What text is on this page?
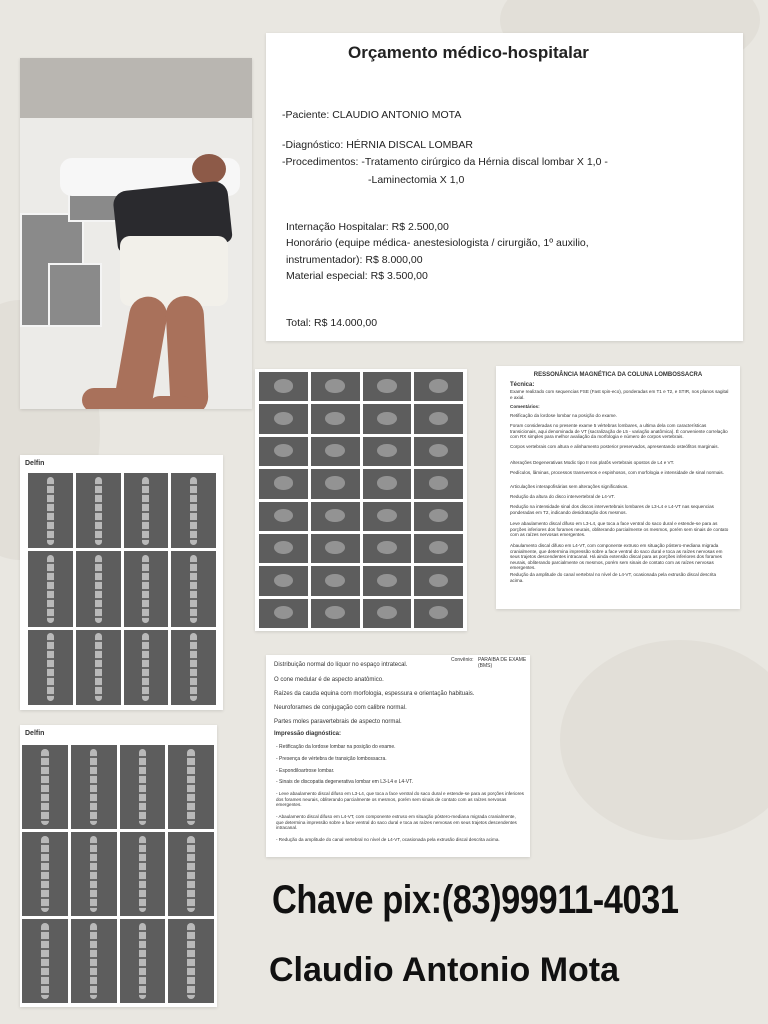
Orçamento médico-hospitalar
-Paciente: CLAUDIO ANTONIO MOTA
-Diagnóstico: HÉRNIA DISCAL LOMBAR
-Procedimentos: -Tratamento cirúrgico da Hérnia discal lombar X 1,0 -
-Laminectomia X 1,0
Internação Hospitalar: R$ 2.500,00
Honorário (equipe médica- anestesiologista / cirurgião, 1º auxilio,
instrumentador): R$ 8.000,00
Material especial: R$ 3.500,00
Total: R$ 14.000,00
Delfin
Delfin
RESSONÂNCIA MAGNÉTICA DA COLUNA LOMBOSSACRA
Técnica:
Exame realizado com sequencias FSE (Fast spin-eco), ponderadas em T1 e T2, e STIR, nos planos sagital e axial.
Comentários:
Retificação da lordose lombar na posição do exame.
Foram consideradas no presente exame 5 vértebras lombares, a ultima dela com características transicionais, aqui denominada de VT (sacralização de L5 - variação anatômica). É conveniente correlação com RX simples para melhor avaliação da morfologia e número de corpos vertebrais.
Corpos vertebrais com altura e alinhamento posterior preservados, apresentando osteófitos marginais.
Alterações Degenerativas Modic tipo II nos platôs vertebrais opostos de L4 e VT.
Pedículos, lâminas, processos transversos e espinhosos, com morfologia e intensidade de sinal normais.
Articulações interapofisárias sem alterações significativas.
Redução da altura do disco intervertebral de L4-VT.
Redução na intensidade sinal dos discos intervertebrais lombares de L3-L4 e L4-VT nas sequencias ponderadas em T2, indicando desidratação dos mesmos.
Leve abaulamento discal difuso em L3-L4, que toca a face ventral do saco dural e estende-se para as porções inferiores dos forames neurais, obliterando parcialmente os mesmos, porém sem sinais de contato com as raízes nervosas emergentes.
Abaulamento discal difuso em L4-VT, com componente extruso em situação póstero-mediana migrada cranialmente, que determina impressão sobre a face ventral do saco dural e toca as raízes nervosas em seus trajetos descendentes intracanal. Há ainda extensão discal para as porções inferiores dos forames neurais, obliterando parcialmente os mesmos, porém sem sinais de contato com as raízes nervosas emergentes.
Redução da amplitude do canal vertebral no nível de L4-VT, ocasionada pela extrusão discal descrita acima.
Convênio: PARAIBA DE EXAME (BMS)
Distribuição normal do líquor no espaço intratecal.
O cone medular é de aspecto anatômico.
Raízes da cauda equina com morfologia, espessura e orientação habituais.
Neuroforames de conjugação com calibre normal.
Partes moles paravertebrais de aspecto normal.
Impressão diagnóstica:
- Retificação da lordose lombar na posição do exame.
- Presença de vértebra de transição lombossacra.
- Espondiloartrose lombar.
- Sinais de discopatia degenerativa lombar em L3-L4 e L4-VT.
- Leve abaulamento discal difuso em L3-L4, que toca a face ventral do saco dural e estende-se para as porções inferiores dos forames neurais, obliterando parcialmente os mesmos, porém sem sinais de contato com as raízes nervosas emergentes.
- Abaulamento discal difuso em L4-VT, com componente extruso em situação póstero-mediana migrada cranialmente, que determina impressão sobre a face ventral do saco dural e toca as raízes nervosas em seus trajetos descendentes intracanal.
- Redução da amplitude do canal vertebral no nível de L4-VT, ocasionada pela extrusão discal descrita acima.
Chave pix:(83)99911-4031
Claudio Antonio Mota
